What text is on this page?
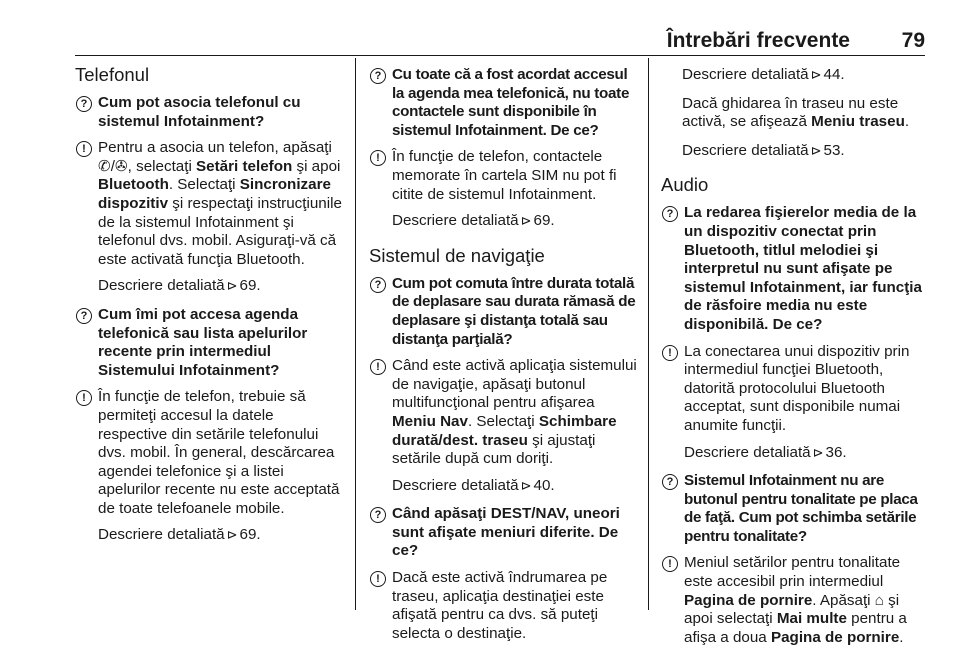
Întrebări frecvente 79
Telefonul
? Cum pot asocia telefonul cu sistemul Infotainment?
! Pentru a asocia un telefon, apăsaţi ✆/✇, selectaţi Setări telefon şi apoi Bluetooth. Selectaţi Sincronizare dispozitiv şi respectaţi instrucţiunile de la sistemul Infotainment şi telefonul dvs. mobil. Asiguraţi-vă că este activată funcţia Bluetooth.
Descriere detaliată ⊳ 69.
? Cum îmi pot accesa agenda telefonică sau lista apelurilor recente prin intermediul Sistemului Infotainment?
! În funcţie de telefon, trebuie să permiteţi accesul la datele respective din setările telefonului dvs. mobil. În general, descărcarea agendei telefonice şi a listei apelurilor recente nu este acceptată de toate telefoanele mobile.
Descriere detaliată ⊳ 69.
? Cu toate că a fost acordat accesul la agenda mea telefonică, nu toate contactele sunt disponibile în sistemul Infotainment. De ce?
! În funcţie de telefon, contactele memorate în cartela SIM nu pot fi citite de sistemul Infotainment.
Descriere detaliată ⊳ 69.
Sistemul de navigaţie
? Cum pot comuta între durata totală de deplasare sau durata rămasă de deplasare şi distanţa totală sau distanţa parţială?
! Când este activă aplicaţia sistemului de navigaţie, apăsaţi butonul multifuncţional pentru afişarea Meniu Nav. Selectaţi Schimbare durată/dest. traseu şi ajustaţi setările după cum doriţi.
Descriere detaliată ⊳ 40.
? Când apăsaţi DEST/NAV, uneori sunt afişate meniuri diferite. De ce?
! Dacă este activă îndrumarea pe traseu, aplicaţia destinaţiei este afişată pentru ca dvs. să puteţi selecta o destinaţie.
Descriere detaliată ⊳ 44.
Dacă ghidarea în traseu nu este activă, se afişează Meniu traseu.
Descriere detaliată ⊳ 53.
Audio
? La redarea fişierelor media de la un dispozitiv conectat prin Bluetooth, titlul melodiei şi interpretul nu sunt afişate pe sistemul Infotainment, iar funcţia de răsfoire media nu este disponibilă. De ce?
! La conectarea unui dispozitiv prin intermediul funcţiei Bluetooth, datorită protocolului Bluetooth acceptat, sunt disponibile numai anumite funcţii.
Descriere detaliată ⊳ 36.
? Sistemul Infotainment nu are butonul pentru tonalitate pe placa de faţă. Cum pot schimba setările pentru tonalitate?
! Meniul setărilor pentru tonalitate este accesibil prin intermediul Pagina de pornire. Apăsaţi ⌂ şi apoi selectaţi Mai multe pentru a afişa a doua Pagina de pornire.
